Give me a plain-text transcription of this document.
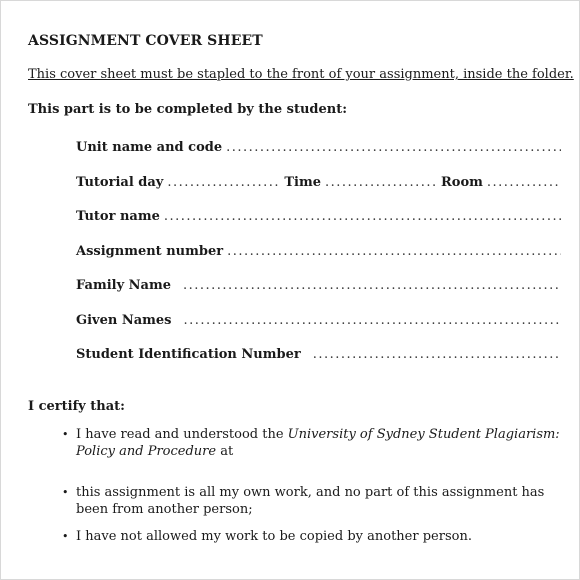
ASSIGNMENT COVER SHEET
This cover sheet must be stapled to the front of your assignment, inside the folder.
This part is to be completed by the student:
Unit name and code
.....
Tutorial day .....	Time .....	Room
.....
Tutor name
.....
Assignment number
.....
Family Name
.....
Given Names
.....
Student Identification Number
.....
I certify that:
• I have read and understood the University of Sydney Student Plagiarism: Policy and Procedure at
• this assignment is all my own work, and no part of this assignment has been from another person;
• I have not allowed my work to be copied by another person.
